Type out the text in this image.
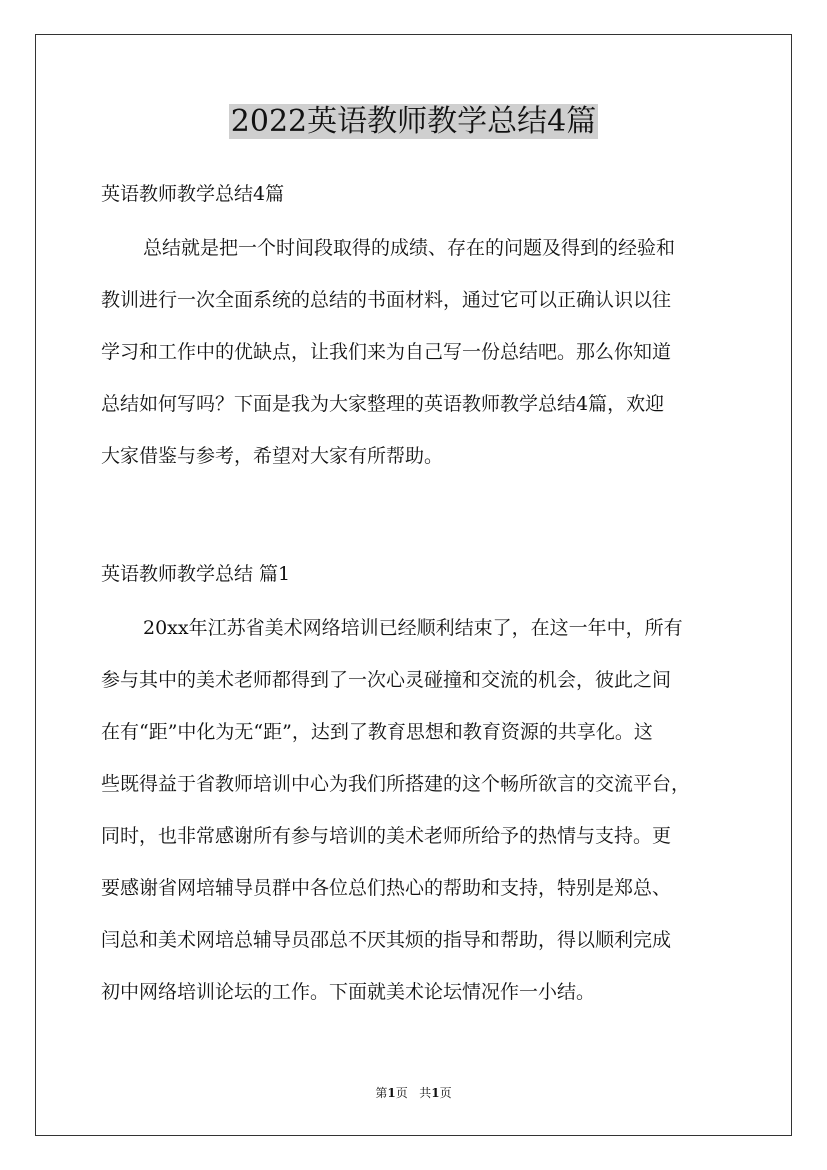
2022英语教师教学总结4篇
英语教师教学总结4篇
总结就是把一个时间段取得的成绩、存在的问题及得到的经验和
教训进行一次全面系统的总结的书面材料，通过它可以正确认识以往
学习和工作中的优缺点，让我们来为自己写一份总结吧。那么你知道
总结如何写吗？下面是我为大家整理的英语教师教学总结4篇，欢迎
大家借鉴与参考，希望对大家有所帮助。
英语教师教学总结 篇1
20xx年江苏省美术网络培训已经顺利结束了，在这一年中，所有
参与其中的美术老师都得到了一次心灵碰撞和交流的机会，彼此之间
在有“距”中化为无“距”，达到了教育思想和教育资源的共享化。这
些既得益于省教师培训中心为我们所搭建的这个畅所欲言的交流平台，
同时，也非常感谢所有参与培训的美术老师所给予的热情与支持。更
要感谢省网培辅导员群中各位总们热心的帮助和支持，特别是郑总、
闫总和美术网培总辅导员邵总不厌其烦的指导和帮助，得以顺利完成
初中网络培训论坛的工作。下面就美术论坛情况作一小结。
第1页 共1页
